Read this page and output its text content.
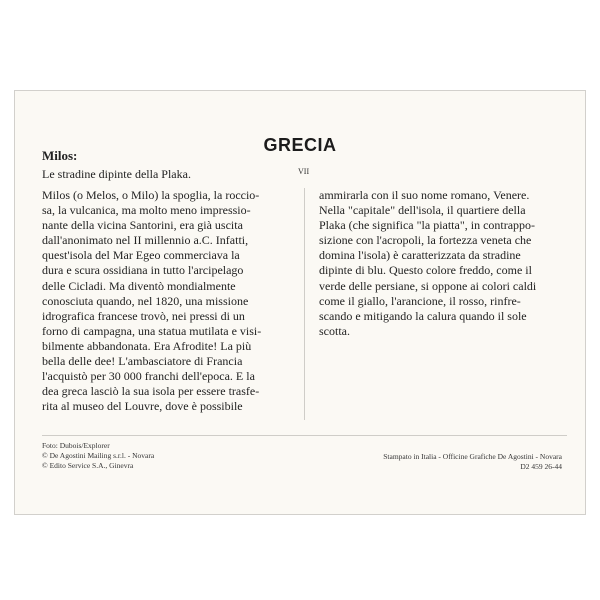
GRECIA
VII
Milos:
Le stradine dipinte della Plaka.
Milos (o Melos, o Milo) la spoglia, la roccio-
sa, la vulcanica, ma molto meno impressio-
nante della vicina Santorini, era già uscita
dall'anonimato nel II millennio a.C. Infatti,
quest'isola del Mar Egeo commerciava la
dura e scura ossidiana in tutto l'arcipelago
delle Cicladi. Ma diventò mondialmente
conosciuta quando, nel 1820, una missione
idrografica francese trovò, nei pressi di un
forno di campagna, una statua mutilata e visi-
bilmente abbandonata. Era Afrodite! La più
bella delle dee! L'ambasciatore di Francia
l'acquistò per 30 000 franchi dell'epoca. E la
dea greca lasciò la sua isola per essere trasfe-
rita al museo del Louvre, dove è possibile
ammirarla con il suo nome romano, Venere.
Nella "capitale" dell'isola, il quartiere della
Plaka (che significa "la piatta", in contrappo-
sizione con l'acropoli, la fortezza veneta che
domina l'isola) è caratterizzata da stradine
dipinte di blu. Questo colore freddo, come il
verde delle persiane, si oppone ai colori caldi
come il giallo, l'arancione, il rosso, rinfre-
scando e mitigando la calura quando il sole
scotta.
Foto: Dubois/Explorer
© De Agostini Mailing s.r.l. - Novara
© Edito Service S.A., Ginevra
Stampato in Italia - Officine Grafiche De Agostini - Novara
D2 459 26-44
